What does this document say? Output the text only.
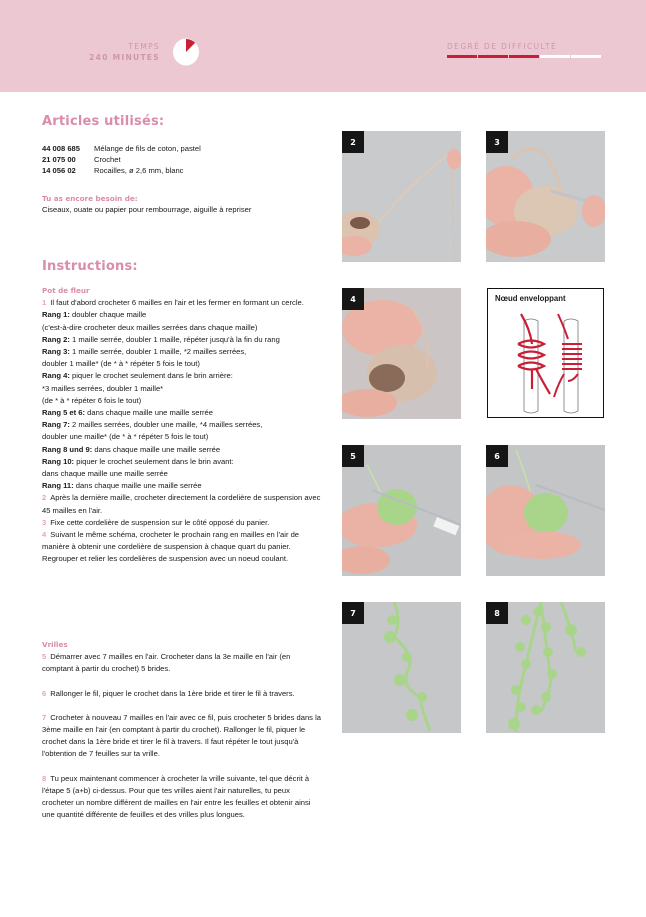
TEMPS
240 MINUTES
DEGRÉ DE DIFFICULTÉ
Articles utilisés:
44 008 685	Mélange de fils de coton, pastel
21 075 00	Crochet
14 056 02	Rocailles, ø 2,6 mm, blanc
Tu as encore besoin de:
Ciseaux, ouate ou papier pour rembourrage, aiguille à repriser
Instructions:
Pot de fleur

1 Il faut d'abord crocheter 6 mailles en l'air et les fermer en formant un cercle.

Rang 1: doubler chaque maille

(c'est-à-dire crocheter deux mailles serrées dans chaque maille)

Rang 2: 1 maille serrée, doubler 1 maille, répéter jusqu'à la fin du rang

Rang 3: 1 maille serrée, doubler 1 maille, *2 mailles serrées,

doubler 1 maille* (de * à * répéter 5 fois le tout)

Rang 4: piquer le crochet seulement dans le brin arrière:

*3 mailles serrées, doubler 1 maille*

(de * à * répéter 6 fois le tout)

Rang 5 et 6: dans chaque maille une maille serrée

Rang 7: 2 mailles serrées, doubler une maille, *4 mailles serrées,

doubler une maille* (de * à * répéter 5 fois le tout)

Rang 8 und 9: dans chaque maille une maille serrée

Rang 10: piquer le crochet seulement dans le brin avant:

dans chaque maille une maille serrée

Rang 11: dans chaque maille une maille serrée

2 Après la dernière maille, crocheter directement la cordelière de suspension avec 45 mailles en l'air.

3 Fixe cette cordelière de suspension sur le côté opposé du panier.

4 Suivant le même schéma, crocheter le prochain rang en mailles en l'air de manière à obtenir une cordelière de suspension à chaque quart du panier. Regrouper et relier les cordelières de suspension avec un noeud coulant.

Vrilles

5 Démarrer avec 7 mailles en l'air. Crocheter dans la 3e maille en l'air (en comptant à partir du crochet) 5 brides.

6 Rallonger le fil, piquer le crochet dans la 1ère bride et tirer le fil à travers.

7 Crocheter à nouveau 7 mailles en l'air avec ce fil, puis crocheter 5 brides dans la 3ème maille en l'air (en comptant à partir du crochet). Rallonger le fil, piquer le crochet dans la 1ère bride et tirer le fil à travers. Il faut répéter le tout jusqu'à l'obtention de 7 feuilles sur ta vrille.

8 Tu peux maintenant commencer à crocheter la vrille suivante, tel que décrit à l'étape 5 (a+b) ci-dessus. Pour que tes vrilles aient l'air naturelles, tu peux crocheter un nombre différent de mailles en l'air entre les feuilles et obtenir ainsi une quantité différente de feuilles et des vrilles plus longues.

2	3
4	Nœud enveloppant
5	6
7	8
